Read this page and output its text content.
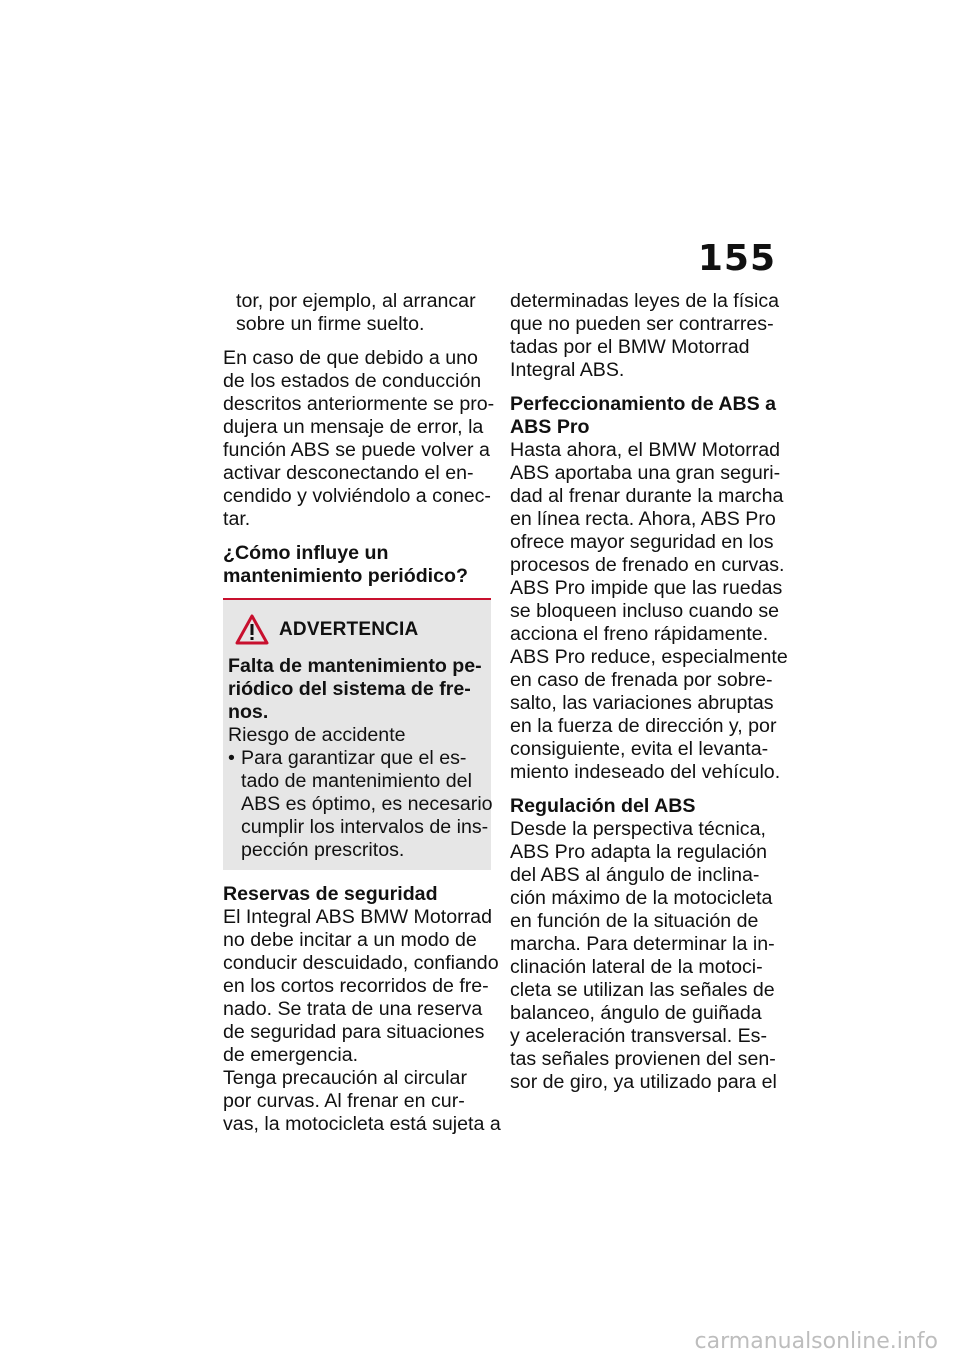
155
tor, por ejemplo, al arrancar
sobre un firme suelto.
En caso de que debido a uno
de los estados de conducción
descritos anteriormente se pro-
dujera un mensaje de error, la
función ABS se puede volver a
activar desconectando el en-
cendido y volviéndolo a conec-
tar.
¿Cómo influye un
mantenimiento periódico?
ADVERTENCIA
Falta de mantenimiento pe-
riódico del sistema de fre-
nos.
Riesgo de accidente
• Para garantizar que el es-
tado de mantenimiento del
ABS es óptimo, es necesario
cumplir los intervalos de ins-
pección prescritos.
Reservas de seguridad
El Integral ABS BMW Motorrad
no debe incitar a un modo de
conducir descuidado, confiando
en los cortos recorridos de fre-
nado. Se trata de una reserva
de seguridad para situaciones
de emergencia.
Tenga precaución al circular
por curvas. Al frenar en cur-
vas, la motocicleta está sujeta a
determinadas leyes de la física
que no pueden ser contrarres-
tadas por el BMW Motorrad
Integral ABS.
Perfeccionamiento de ABS a
ABS Pro
Hasta ahora, el BMW Motorrad
ABS aportaba una gran seguri-
dad al frenar durante la marcha
en línea recta. Ahora, ABS Pro
ofrece mayor seguridad en los
procesos de frenado en curvas.
ABS Pro impide que las ruedas
se bloqueen incluso cuando se
acciona el freno rápidamente.
ABS Pro reduce, especialmente
en caso de frenada por sobre-
salto, las variaciones abruptas
en la fuerza de dirección y, por
consiguiente, evita el levanta-
miento indeseado del vehículo.
Regulación del ABS
Desde la perspectiva técnica,
ABS Pro adapta la regulación
del ABS al ángulo de inclina-
ción máximo de la motocicleta
en función de la situación de
marcha. Para determinar la in-
clinación lateral de la motoci-
cleta se utilizan las señales de
balanceo, ángulo de guiñada
y aceleración transversal. Es-
tas señales provienen del sen-
sor de giro, ya utilizado para el
carmanualsonline.info
